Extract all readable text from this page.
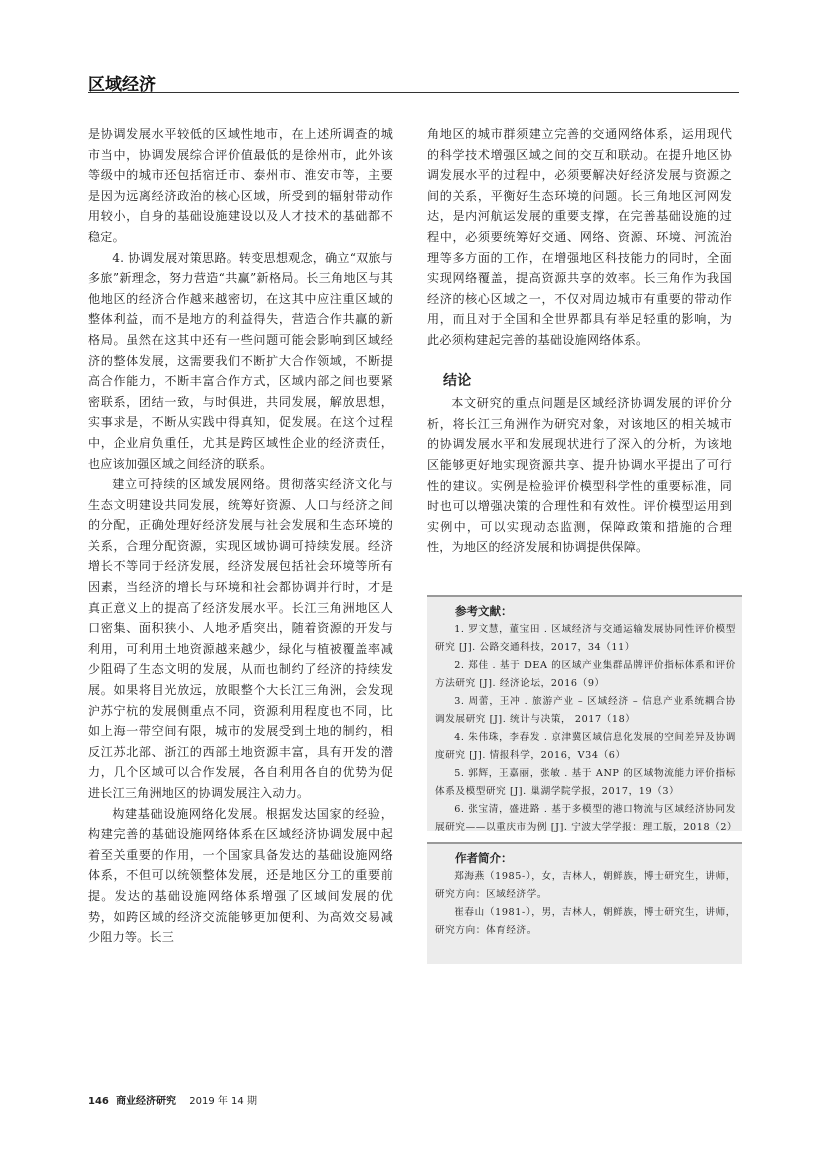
区域经济

是协调发展水平较低的区域性地市，在上述所调查的城市当中，协调发展综合评价值最低的是徐州市，此外该等级中的城市还包括宿迁市、泰州市、淮安市等，主要是因为远离经济政治的核心区域，所受到的辐射带动作用较小，自身的基础设施建设以及人才技术的基础都不稳定。

4. 协调发展对策思路。转变思想观念，确立“双旅与多旅”新理念，努力营造“共赢”新格局。长三角地区与其他地区的经济合作越来越密切，在这其中应注重区域的整体利益，而不是地方的利益得失，营造合作共赢的新格局。虽然在这其中还有一些问题可能会影响到区域经济的整体发展，这需要我们不断扩大合作领域，不断提高合作能力，不断丰富合作方式，区域内部之间也要紧密联系，团结一致，与时俱进，共同发展，解放思想，实事求是，不断从实践中得真知，促发展。在这个过程中，企业肩负重任，尤其是跨区域性企业的经济责任，也应该加强区域之间经济的联系。

建立可持续的区域发展网络。贯彻落实经济文化与生态文明建设共同发展，统筹好资源、人口与经济之间的分配，正确处理好经济发展与社会发展和生态环境的关系，合理分配资源，实现区域协调可持续发展。经济增长不等同于经济发展，经济发展包括社会环境等所有因素，当经济的增长与环境和社会都协调并行时，才是真正意义上的提高了经济发展水平。长江三角洲地区人口密集、面积狭小、人地矛盾突出，随着资源的开发与利用，可利用土地资源越来越少，绿化与植被覆盖率减少阻碍了生态文明的发展，从而也制约了经济的持续发展。如果将目光放远，放眼整个大长江三角洲，会发现沪苏宁杭的发展侧重点不同，资源利用程度也不同，比如上海一带空间有限，城市的发展受到土地的制约，相反江苏北部、浙江的西部土地资源丰富，具有开发的潜力，几个区域可以合作发展，各自利用各自的优势为促进长江三角洲地区的协调发展注入动力。

构建基础设施网络化发展。根据发达国家的经验，构建完善的基础设施网络体系在区域经济协调发展中起着至关重要的作用，一个国家具备发达的基础设施网络体系，不但可以统领整体发展，还是地区分工的重要前提。发达的基础设施网络体系增强了区域间发展的优势，如跨区域的经济交流能够更加便利、为高效交易减少阻力等。长三

角地区的城市群须建立完善的交通网络体系，运用现代的科学技术增强区域之间的交互和联动。在提升地区协调发展水平的过程中，必须要解决好经济发展与资源之间的关系，平衡好生态环境的问题。长三角地区河网发达，是内河航运发展的重要支撑，在完善基础设施的过程中，必须要统筹好交通、网络、资源、环境、河流治理等多方面的工作，在增强地区科技能力的同时，全面实现网络覆盖，提高资源共享的效率。长三角作为我国经济的核心区域之一，不仅对周边城市有重要的带动作用，而且对于全国和全世界都具有举足轻重的影响，为此必须构建起完善的基础设施网络体系。

结论

本文研究的重点问题是区域经济协调发展的评价分析，将长江三角洲作为研究对象，对该地区的相关城市的协调发展水平和发展现状进行了深入的分析，为该地区能够更好地实现资源共享、提升协调水平提出了可行性的建议。实例是检验评价模型科学性的重要标准，同时也可以增强决策的合理性和有效性。评价模型运用到实例中，可以实现动态监测，保障政策和措施的合理性，为地区的经济发展和协调提供保障。

参考文献：
1. 罗文慧，董宝田 . 区域经济与交通运输发展协同性评价模型研究 [J]. 公路交通科技，2017，34（11）
2. 郑佳 . 基于 DEA 的区域产业集群品牌评价指标体系和评价方法研究 [J]. 经济论坛，2016（9）
3. 周蕾，王冲 . 旅游产业 – 区域经济 – 信息产业系统耦合协调发展研究 [J]. 统计与决策， 2017（18）
4. 朱伟珠，李春发 . 京津冀区域信息化发展的空间差异及协调度研究 [J]. 情报科学，2016，V34（6）
5. 郭辉，王嘉丽，张敏 . 基于 ANP 的区域物流能力评价指标体系及模型研究 [J]. 巢湖学院学报，2017，19（3）
6. 张宝清，盛进路 . 基于多模型的港口物流与区域经济协同发展研究——以重庆市为例 [J]. 宁波大学学报：理工版，2018（2）
作者简介：
郑海燕（1985-），女，吉林人，朝鲜族，博士研究生，讲师，研究方向：区域经济学。
崔春山（1981-），男，吉林人，朝鲜族，博士研究生，讲师，研究方向：体育经济。
146 商业经济研究 2019 年 14 期
